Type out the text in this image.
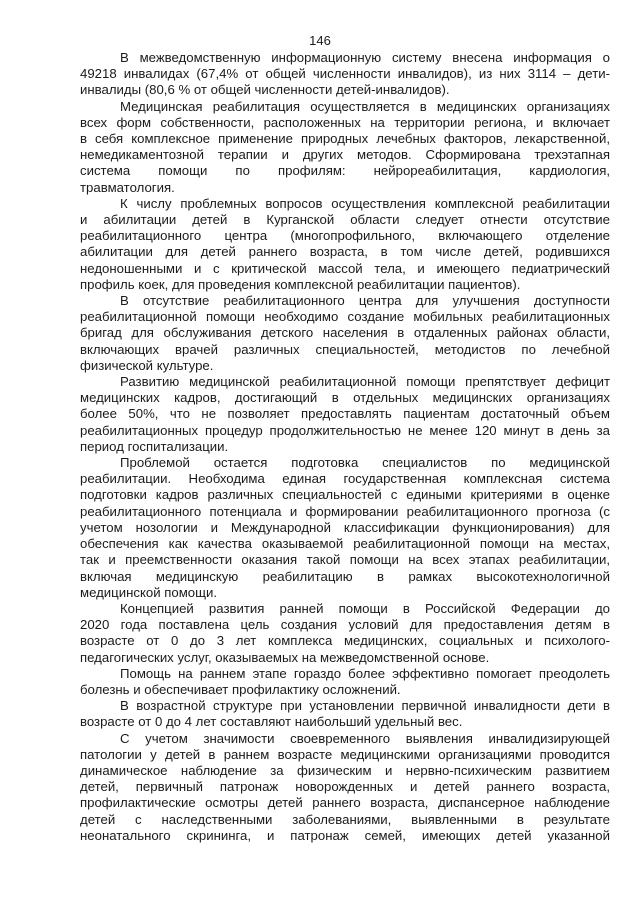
146

В межведомственную информационную систему внесена информация о
49218 инвалидах (67,4% от общей численности инвалидов), из них 3114 – дети-
инвалиды (80,6 % от общей численности детей-инвалидов).

Медицинская реабилитация осуществляется в медицинских организациях
всех форм собственности, расположенных на территории региона, и включает
в себя комплексное применение природных лечебных факторов, лекарственной,
немедикаментозной терапии и других методов. Сформирована трехэтапная
система помощи по профилям: нейрореабилитация, кардиология,
травматология.

К числу проблемных вопросов осуществления комплексной реабилитации
и абилитации детей в Курганской области следует отнести отсутствие
реабилитационного центра (многопрофильного, включающего отделение
абилитации для детей раннего возраста, в том числе детей, родившихся
недоношенными и с критической массой тела, и имеющего педиатрический
профиль коек, для проведения комплексной реабилитации пациентов).

В отсутствие реабилитационного центра для улучшения доступности
реабилитационной помощи необходимо создание мобильных реабилитационных
бригад для обслуживания детского населения в отдаленных районах области,
включающих врачей различных специальностей, методистов по лечебной
физической культуре.

Развитию медицинской реабилитационной помощи препятствует дефицит
медицинских кадров, достигающий в отдельных медицинских организациях
более 50%, что не позволяет предоставлять пациентам достаточный объем
реабилитационных процедур продолжительностью не менее 120 минут в день за
период госпитализации.

Проблемой остается подготовка специалистов по медицинской
реабилитации. Необходима единая государственная комплексная система
подготовки кадров различных специальностей с едиными критериями в оценке
реабилитационного потенциала и формировании реабилитационного прогноза (с
учетом нозологии и Международной классификации функционирования) для
обеспечения как качества оказываемой реабилитационной помощи на местах,
так и преемственности оказания такой помощи на всех этапах реабилитации,
включая медицинскую реабилитацию в рамках высокотехнологичной
медицинской помощи.

Концепцией развития ранней помощи в Российской Федерации до
2020 года поставлена цель создания условий для предоставления детям в
возрасте от 0 до 3 лет комплекса медицинских, социальных и психолого-
педагогических услуг, оказываемых на межведомственной основе.

Помощь на раннем этапе гораздо более эффективно помогает преодолеть
болезнь и обеспечивает профилактику осложнений.

В возрастной структуре при установлении первичной инвалидности дети в
возрасте от 0 до 4 лет составляют наибольший удельный вес.

С учетом значимости своевременного выявления инвалидизирующей
патологии у детей в раннем возрасте медицинскими организациями проводится
динамическое наблюдение за физическим и нервно-психическим развитием
детей, первичный патронаж новорожденных и детей раннего возраста,
профилактические осмотры детей раннего возраста, диспансерное наблюдение
детей с наследственными заболеваниями, выявленными в результате
неонатального скрининга, и патронаж семей, имеющих детей указанной
